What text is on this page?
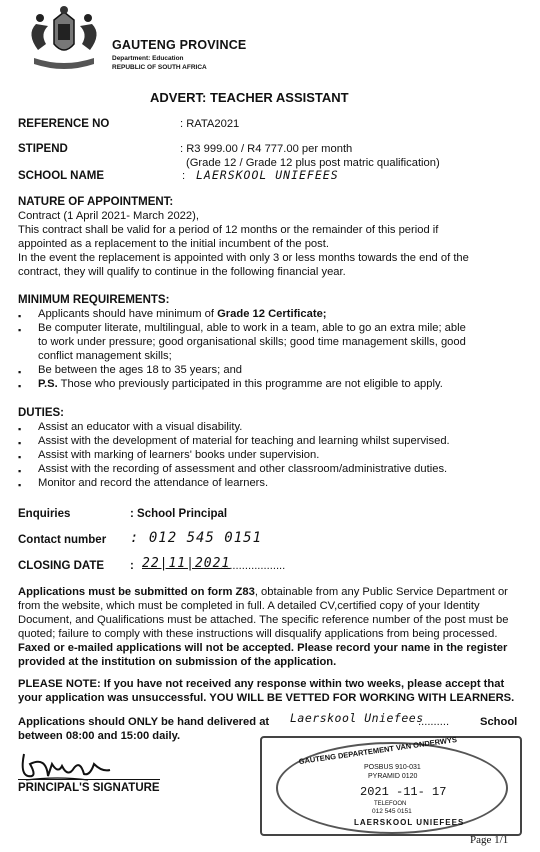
GAUTENG PROVINCE
Department: Education
REPUBLIC OF SOUTH AFRICA
ADVERT: TEACHER ASSISTANT
REFERENCE NO	: RATA2021
STIPEND	: R3 999.00 / R4 777.00 per month
(Grade 12 / Grade 12 plus post matric qualification)
SCHOOL NAME	: LAERSKOOL UNIEFEES
NATURE OF APPOINTMENT:
Contract (1 April 2021- March 2022),
This contract shall be valid for a period of 12 months or the remainder of this period if
appointed as a replacement to the initial incumbent of the post.
In the event the replacement is appointed with only 3 or less months towards the end of the
contract, they will qualify to continue in the following financial year.
MINIMUM REQUIREMENTS:
▪ Applicants should have minimum of Grade 12 Certificate;
▪ Be computer literate, multilingual, able to work in a team, able to go an extra mile; able
to work under pressure; good organisational skills; good time management skills, good
conflict management skills;
▪ Be between the ages 18 to 35 years; and
▪ P.S. Those who previously participated in this programme are not eligible to apply.
DUTIES:
▪ Assist an educator with a visual disability.
▪ Assist with the development of material for teaching and learning whilst supervised.
▪ Assist with marking of learners' books under supervision.
▪ Assist with the recording of assessment and other classroom/administrative duties.
▪ Monitor and record the attendance of learners.
Enquiries	: School Principal
Contact number : 012 545 0151
CLOSING DATE : 22|11|2021
.....................
Applications must be submitted on form Z83, obtainable from any Public Service Department or
from the website, which must be completed in full. A detailed CV,certified copy of your Identity
Document, and Qualifications must be attached. The specific reference number of the post must be
quoted; failure to comply with these instructions will disqualify applications from being processed.
Faxed or e-mailed applications will not be accepted. Please record your name in the register
provided at the institution on submission of the application.
PLEASE NOTE: If you have not received any response within two weeks, please accept that
your application was unsuccessful. YOU WILL BE VETTED FOR WORKING WITH LEARNERS.
Applications should ONLY be hand delivered at Laerskool Uniefees
..........	School
between 08:00 and 15:00 daily.
PRINCIPAL'S SIGNATURE
GAUTENG DEPARTEMENT VAN ONDERWYS
POSBUS 910-031
PYRAMID 0120
2021 -11- 17
TELEFOON
012 545 0151
LAERSKOOL UNIEFEES
Page 1/1
